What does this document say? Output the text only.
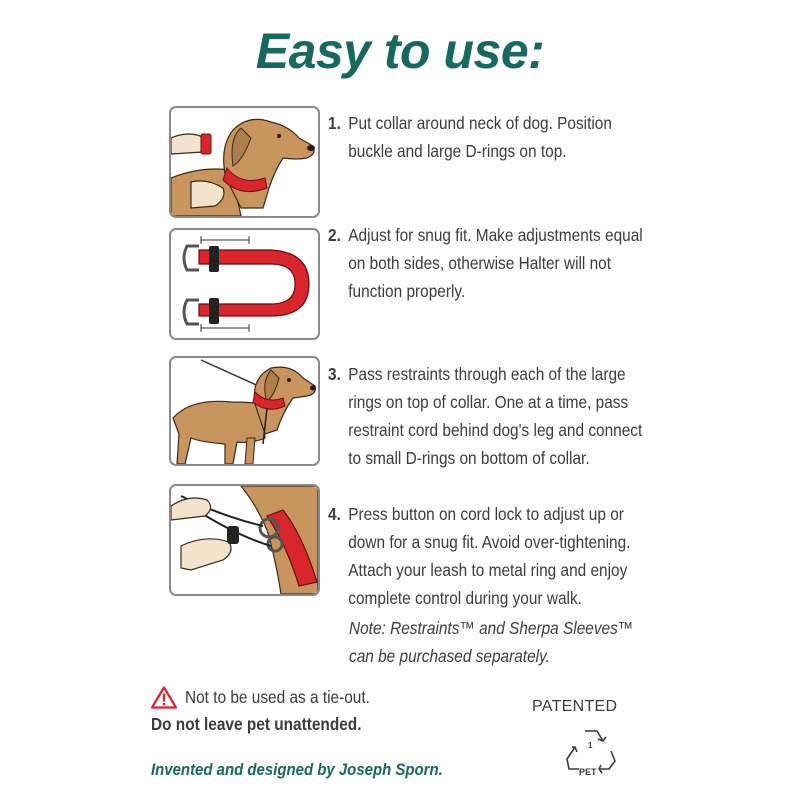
Easy to use:
1. Put collar around neck of dog. Position buckle and large D-rings on top.
2. Adjust for snug fit. Make adjustments equal on both sides, otherwise Halter will not function properly.
3. Pass restraints through each of the large rings on top of collar. One at a time, pass restraint cord behind dog's leg and connect to small D-rings on bottom of collar.
4. Press button on cord lock to adjust up or down for a snug fit. Avoid over-tightening. Attach your leash to metal ring and enjoy complete control during your walk.
Note: Restraints™ and Sherpa Sleeves™ can be purchased separately.
Not to be used as a tie-out.
Do not leave pet unattended.
Invented and designed by Joseph Sporn.
PATENTED
1
PET
